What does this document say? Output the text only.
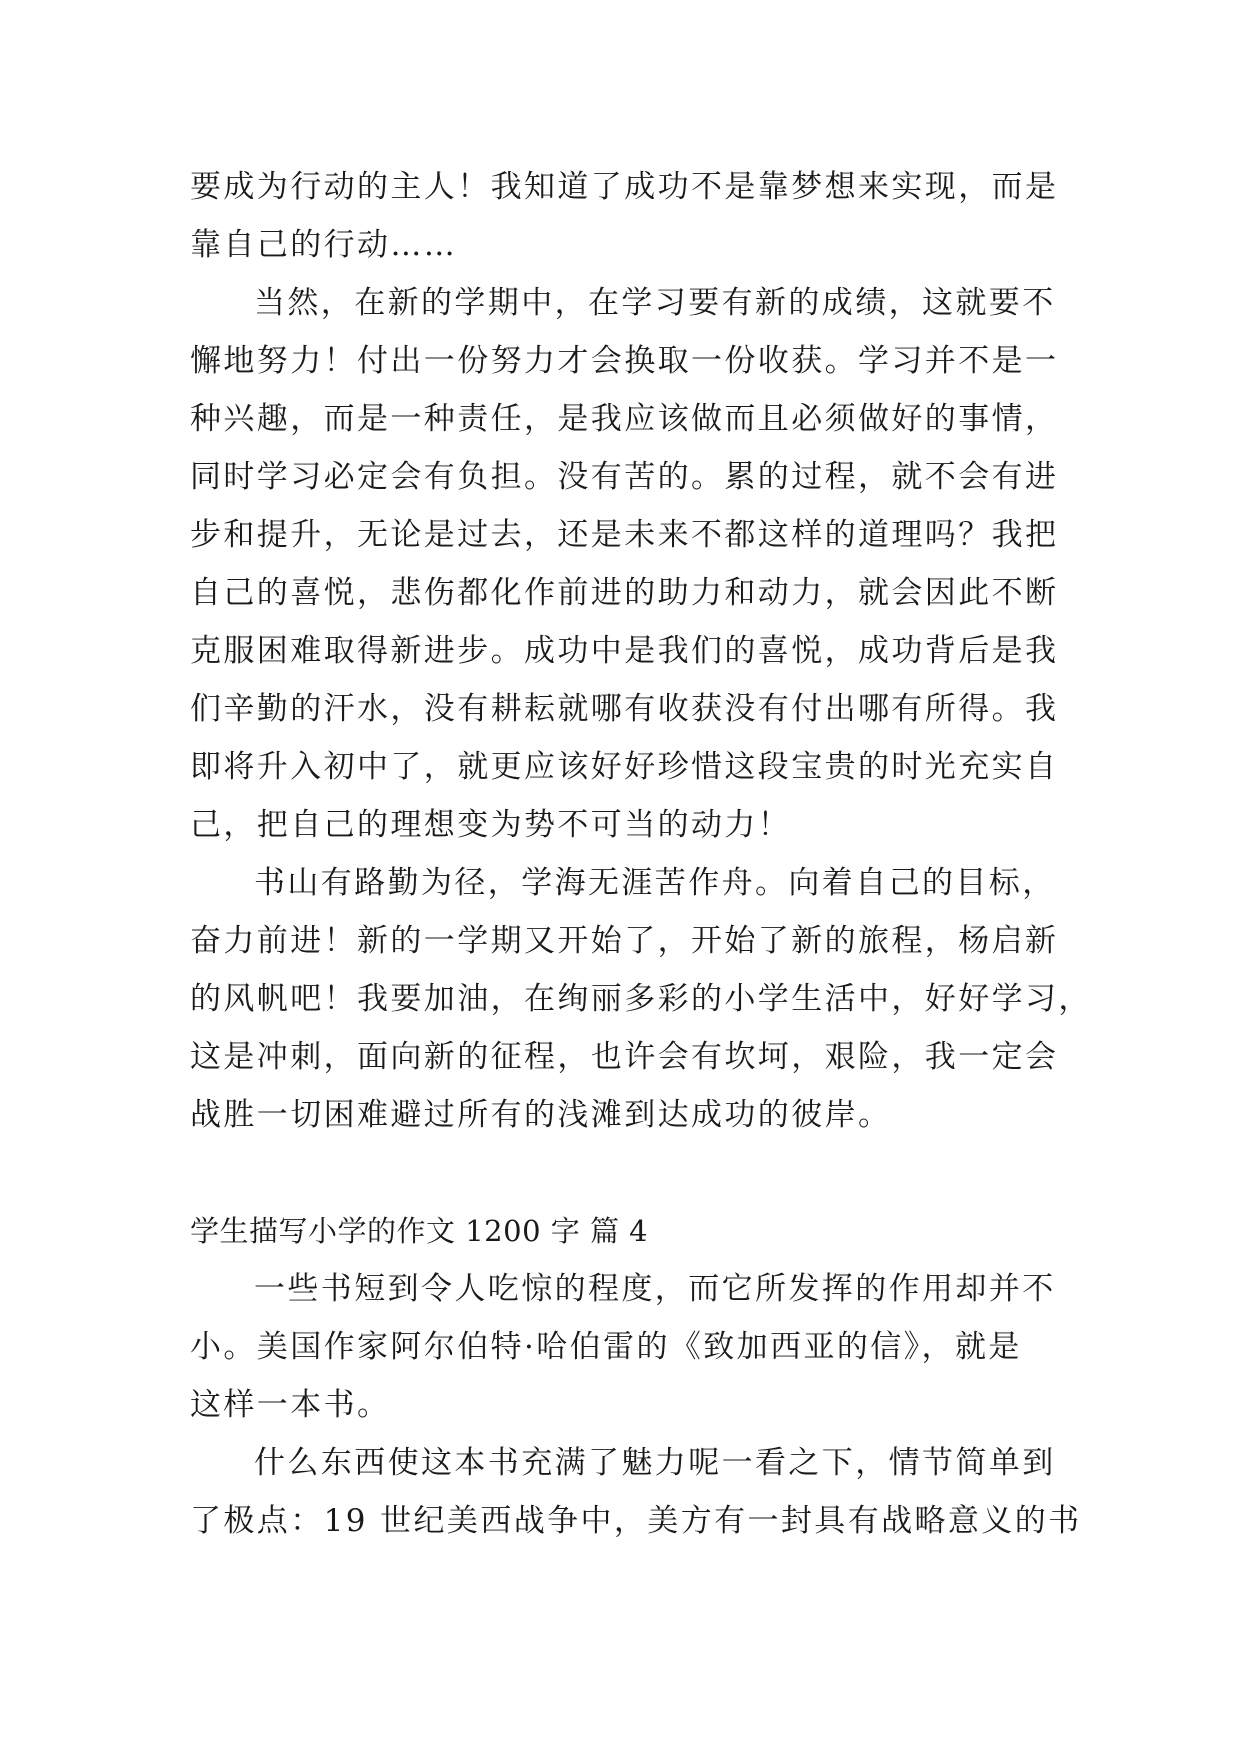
要成为行动的主人！我知道了成功不是靠梦想来实现，而是
靠自己的行动……
当然，在新的学期中，在学习要有新的成绩，这就要不
懈地努力！付出一份努力才会换取一份收获。学习并不是一
种兴趣，而是一种责任，是我应该做而且必须做好的事情，
同时学习必定会有负担。没有苦的。累的过程，就不会有进
步和提升，无论是过去，还是未来不都这样的道理吗？我把
自己的喜悦，悲伤都化作前进的助力和动力，就会因此不断
克服困难取得新进步。成功中是我们的喜悦，成功背后是我
们辛勤的汗水，没有耕耘就哪有收获没有付出哪有所得。我
即将升入初中了，就更应该好好珍惜这段宝贵的时光充实自
己，把自己的理想变为势不可当的动力！
书山有路勤为径，学海无涯苦作舟。向着自己的目标，
奋力前进！新的一学期又开始了，开始了新的旅程，杨启新
的风帆吧！我要加油，在绚丽多彩的小学生活中，好好学习，
这是冲刺，面向新的征程，也许会有坎坷，艰险，我一定会
战胜一切困难避过所有的浅滩到达成功的彼岸。
学生描写小学的作文 1200 字 篇 4
一些书短到令人吃惊的程度，而它所发挥的作用却并不
小。美国作家阿尔伯特·哈伯雷的《致加西亚的信》，就是
这样一本书。
什么东西使这本书充满了魅力呢一看之下，情节简单到
了极点：19 世纪美西战争中，美方有一封具有战略意义的书
